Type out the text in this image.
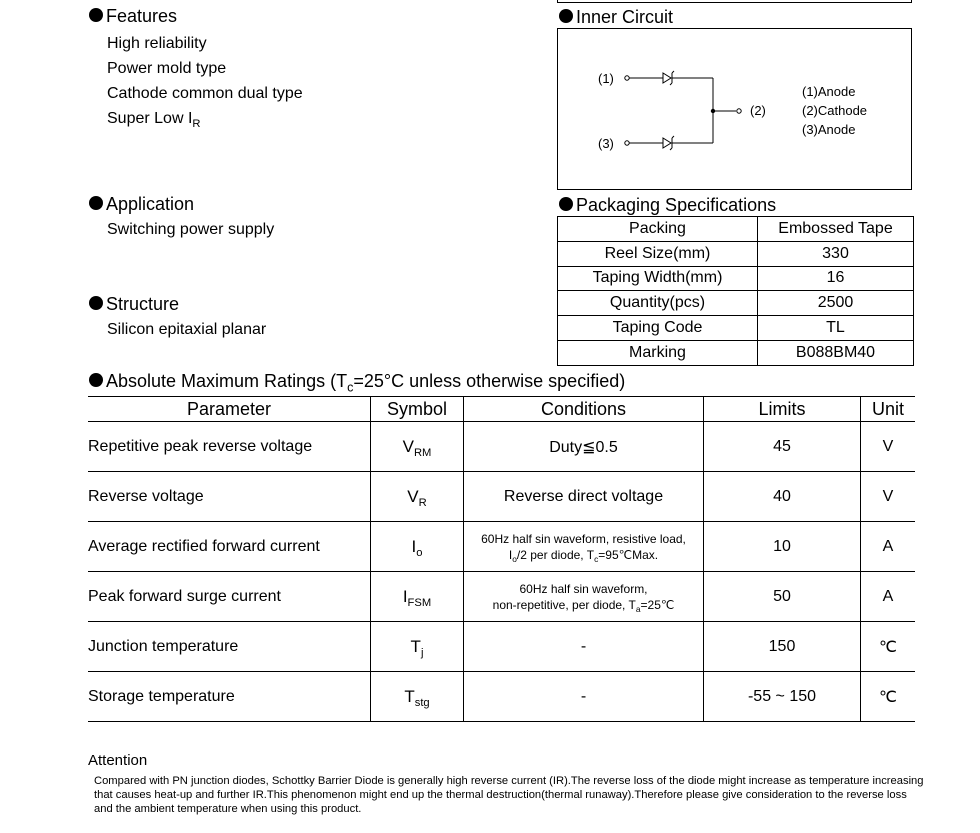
Features
High reliability
Power mold type
Cathode common dual type
Super Low $I_R$
Application
Switching power supply
Structure
Silicon epitaxial planar
Inner Circuit
(1)
(2)
(3)
(1)Anode
(2)Cathode
(3)Anode
Packaging Specifications
Packing	Embossed Tape
Reel Size(mm)	330
Taping Width(mm)	16
Quantity(pcs)	2500
Taping Code	TL
Marking	B088BM40
Absolute Maximum Ratings ($T_c=25^\circ C$ unless otherwise specified)
Parameter	Symbol	Conditions	Limits	Unit
Repetitive peak reverse voltage	$V_{RM}$	Duty≦0.5	45	V
Reverse voltage	$V_R$	Reverse direct voltage	40	V
Average rectified forward current	$I_o$	60Hz half sin waveform, resistive load,
$I_o/2$ per diode, $T_c=95℃Max$.	10	A
Peak forward surge current	$I_{FSM}$	60Hz half sin waveform,
non-repetitive, per diode, $T_a=25℃$	50	A
Junction temperature	$T_j$	-	150	℃
Storage temperature	$T_{stg}$	-	-55 ~ 150	℃
Attention
Compared with PN junction diodes, Schottky Barrier Diode is generally high reverse current (IR).The reverse loss of the diode might increase as temperature increasing that causes heat-up and further IR.This phenomenon might end up the thermal destruction(thermal runaway).Therefore please give consideration to the reverse loss and the ambient temperature when using this product.
